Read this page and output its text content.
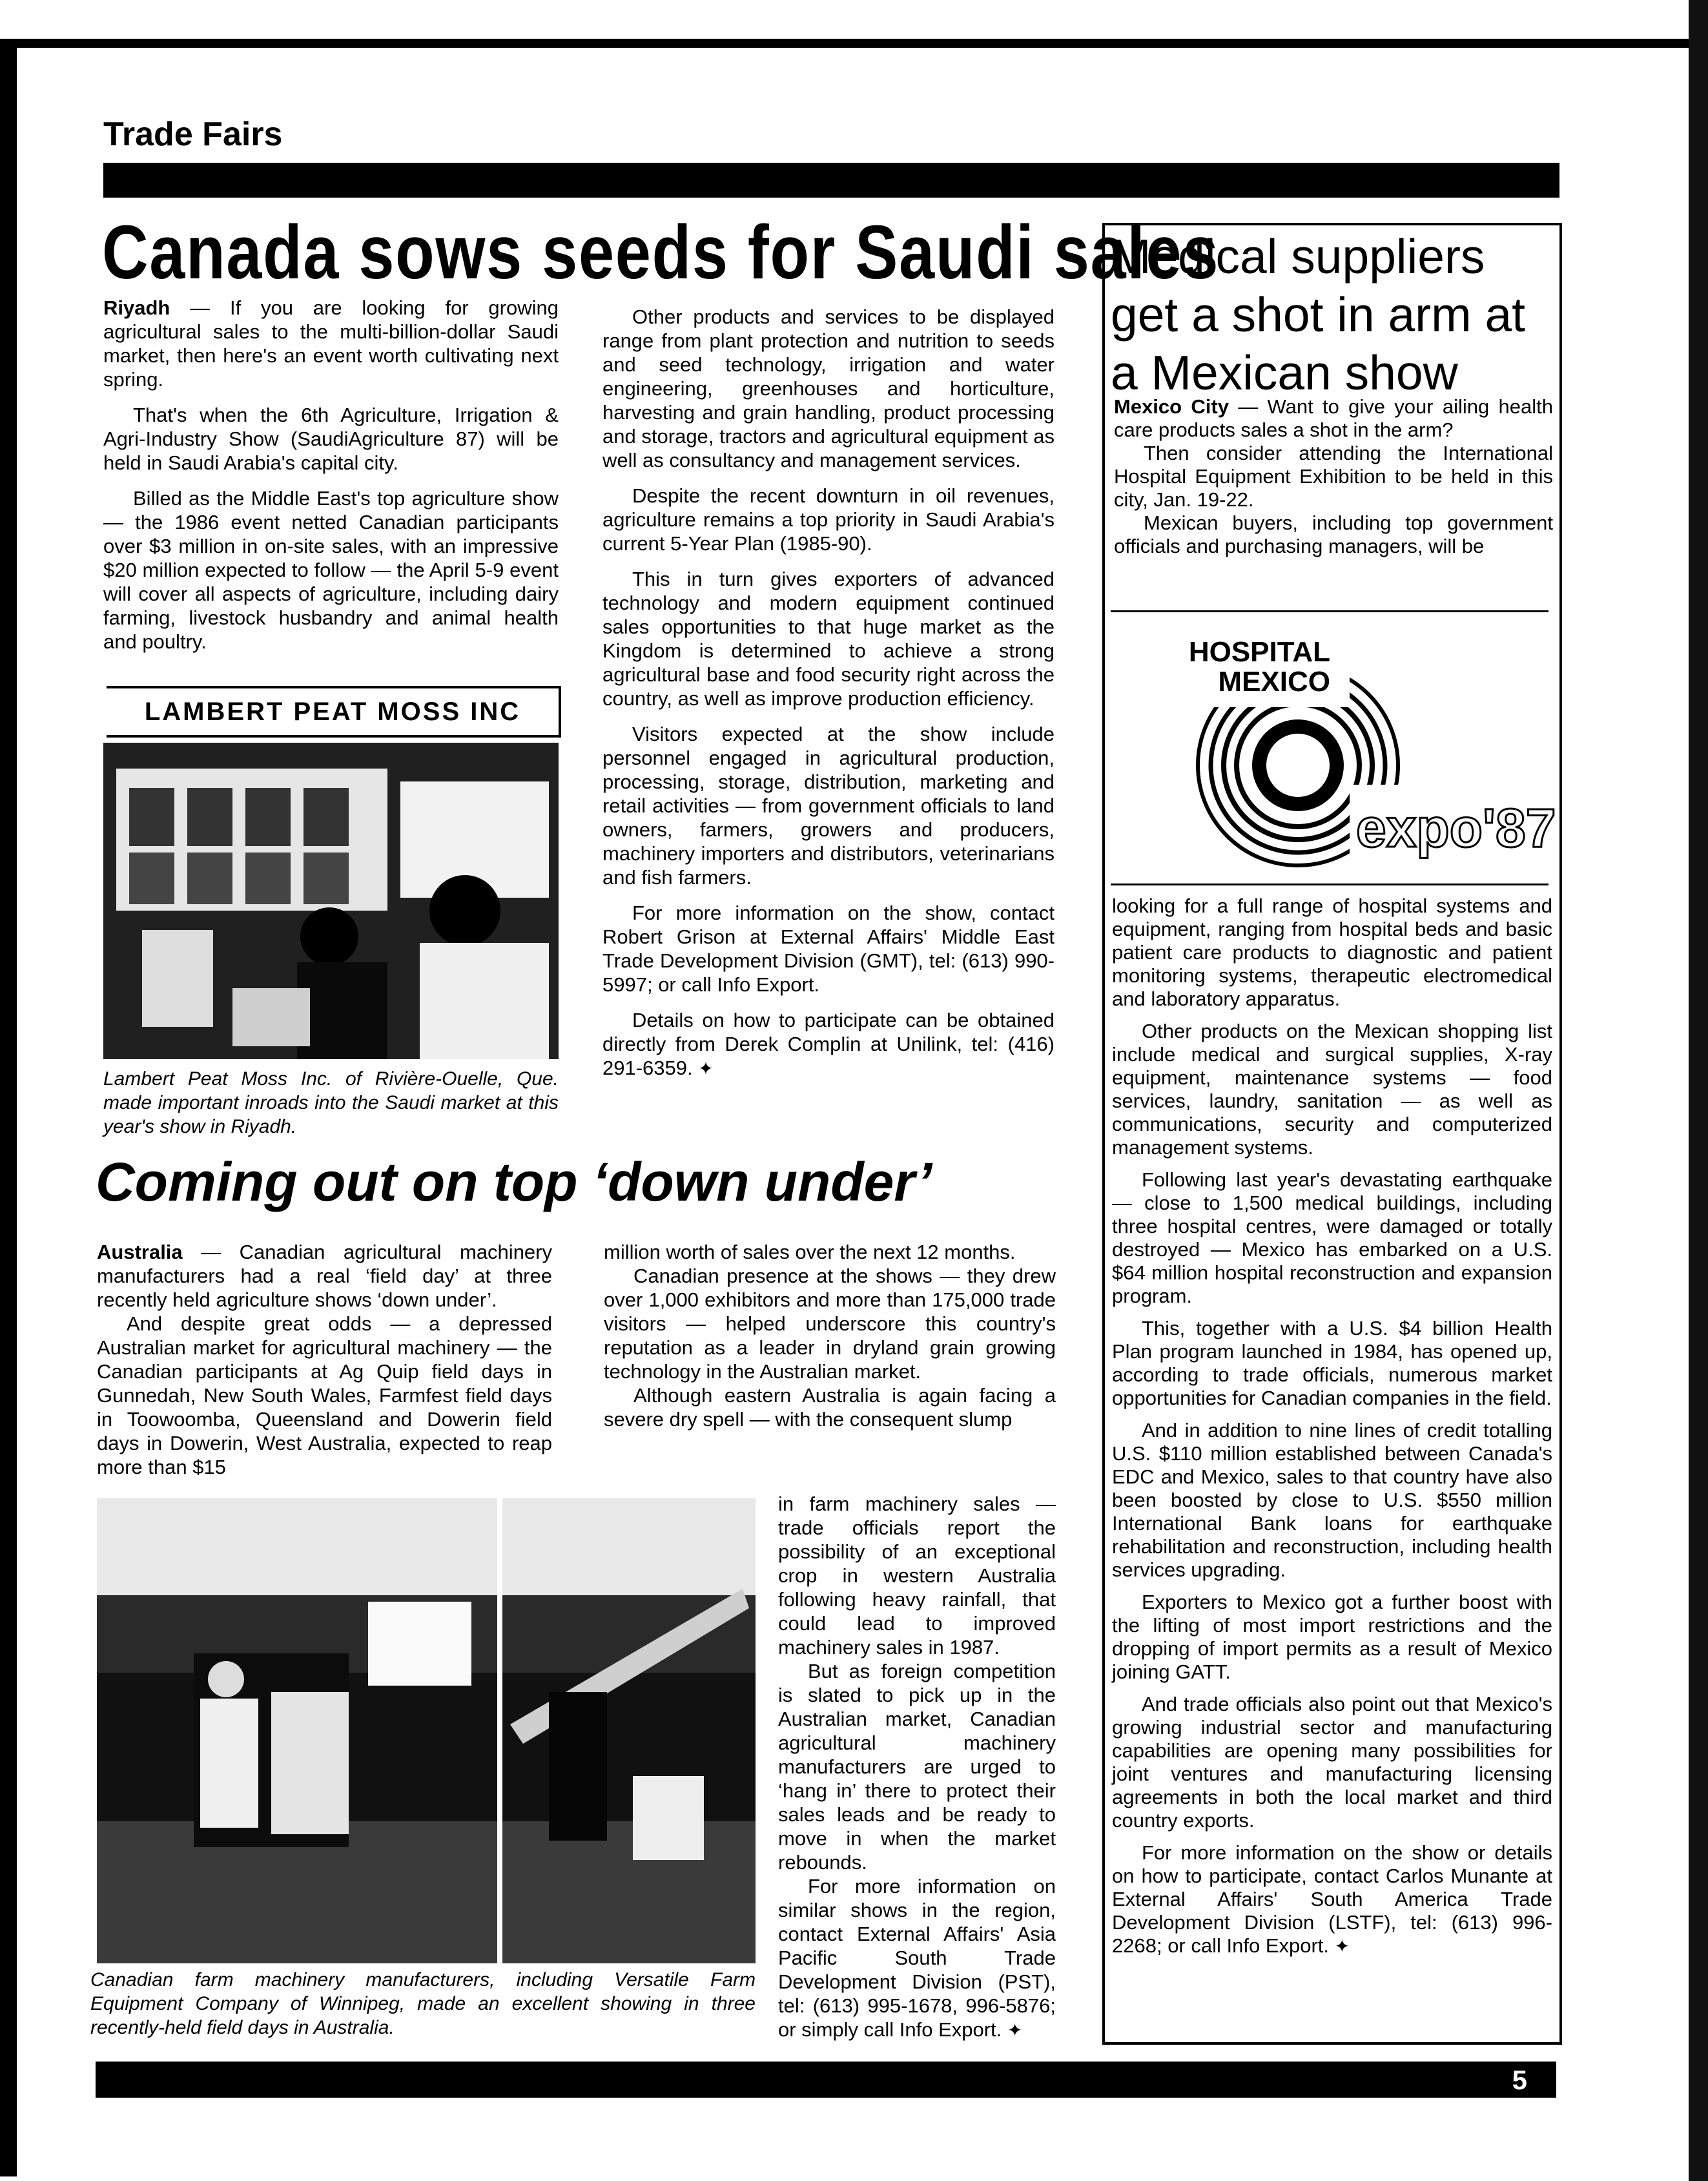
Trade Fairs
Canada sows seeds for Saudi sales

Riyadh — If you are looking for growing agricultural sales to the multi-billion-dollar Saudi market, then here's an event worth cultivating next spring.

That's when the 6th Agriculture, Irrigation & Agri-Industry Show (SaudiAgriculture 87) will be held in Saudi Arabia's capital city.

Billed as the Middle East's top agriculture show — the 1986 event netted Canadian participants over $3 million in on-site sales, with an impressive $20 million expected to follow — the April 5-9 event will cover all aspects of agriculture, including dairy farming, livestock husbandry and animal health and poultry.

LAMBERT PEAT MOSS INC
Lambert Peat Moss Inc. of Rivière-Ouelle, Que. made important inroads into the Saudi market at this year's show in Riyadh.

Other products and services to be displayed range from plant protection and nutrition to seeds and seed technology, irrigation and water engineering, greenhouses and horticulture, harvesting and grain handling, product processing and storage, tractors and agricultural equipment as well as consultancy and management services.

Despite the recent downturn in oil revenues, agriculture remains a top priority in Saudi Arabia's current 5-Year Plan (1985-90).

This in turn gives exporters of advanced technology and modern equipment continued sales opportunities to that huge market as the Kingdom is determined to achieve a strong agricultural base and food security right across the country, as well as improve production efficiency.

Visitors expected at the show include personnel engaged in agricultural production, processing, storage, distribution, marketing and retail activities — from government officials to land owners, farmers, growers and producers, machinery importers and distributors, veterinarians and fish farmers.

For more information on the show, contact Robert Grison at External Affairs' Middle East Trade Development Division (GMT), tel: (613) 990-5997; or call Info Export.

Details on how to participate can be obtained directly from Derek Complin at Unilink, tel: (416) 291-6359. ✦

Coming out on top ‘down under’

Australia — Canadian agricultural machinery manufacturers had a real ‘field day’ at three recently held agriculture shows ‘down under’.

And despite great odds — a depressed Australian market for agricultural machinery — the Canadian participants at Ag Quip field days in Gunnedah, New South Wales, Farmfest field days in Toowoomba, Queensland and Dowerin field days in Dowerin, West Australia, expected to reap more than $15

million worth of sales over the next 12 months.

Canadian presence at the shows — they drew over 1,000 exhibitors and more than 175,000 trade visitors — helped underscore this country's reputation as a leader in dryland grain growing technology in the Australian market.

Although eastern Australia is again facing a severe dry spell — with the consequent slump

Canadian farm machinery manufacturers, including Versatile Farm Equipment Company of Winnipeg, made an excellent showing in three recently-held field days in Australia.

in farm machinery sales — trade officials report the possibility of an exceptional crop in western Australia following heavy rainfall, that could lead to improved machinery sales in 1987.

But as foreign competition is slated to pick up in the Australian market, Canadian agricultural machinery manufacturers are urged to ‘hang in’ there to protect their sales leads and be ready to move in when the market rebounds.

For more information on similar shows in the region, contact External Affairs' Asia Pacific South Trade Development Division (PST), tel: (613) 995-1678, 996-5876; or simply call Info Export. ✦

Medical suppliers get a shot in arm at a Mexican show

Mexico City — Want to give your ailing health care products sales a shot in the arm?

Then consider attending the International Hospital Equipment Exhibition to be held in this city, Jan. 19-22.

Mexican buyers, including top government officials and purchasing managers, will be

HOSPITAL
MEXICO
expo'87

looking for a full range of hospital systems and equipment, ranging from hospital beds and basic patient care products to diagnostic and patient monitoring systems, therapeutic electromedical and laboratory apparatus.

Other products on the Mexican shopping list include medical and surgical supplies, X-ray equipment, maintenance systems — food services, laundry, sanitation — as well as communications, security and computerized management systems.

Following last year's devastating earthquake — close to 1,500 medical buildings, including three hospital centres, were damaged or totally destroyed — Mexico has embarked on a U.S. $64 million hospital reconstruction and expansion program.

This, together with a U.S. $4 billion Health Plan program launched in 1984, has opened up, according to trade officials, numerous market opportunities for Canadian companies in the field.

And in addition to nine lines of credit totalling U.S. $110 million established between Canada's EDC and Mexico, sales to that country have also been boosted by close to U.S. $550 million International Bank loans for earthquake rehabilitation and reconstruction, including health services upgrading.

Exporters to Mexico got a further boost with the lifting of most import restrictions and the dropping of import permits as a result of Mexico joining GATT.

And trade officials also point out that Mexico's growing industrial sector and manufacturing capabilities are opening many possibilities for joint ventures and manufacturing licensing agreements in both the local market and third country exports.

For more information on the show or details on how to participate, contact Carlos Munante at External Affairs' South America Trade Development Division (LSTF), tel: (613) 996-2268; or call Info Export. ✦

5
